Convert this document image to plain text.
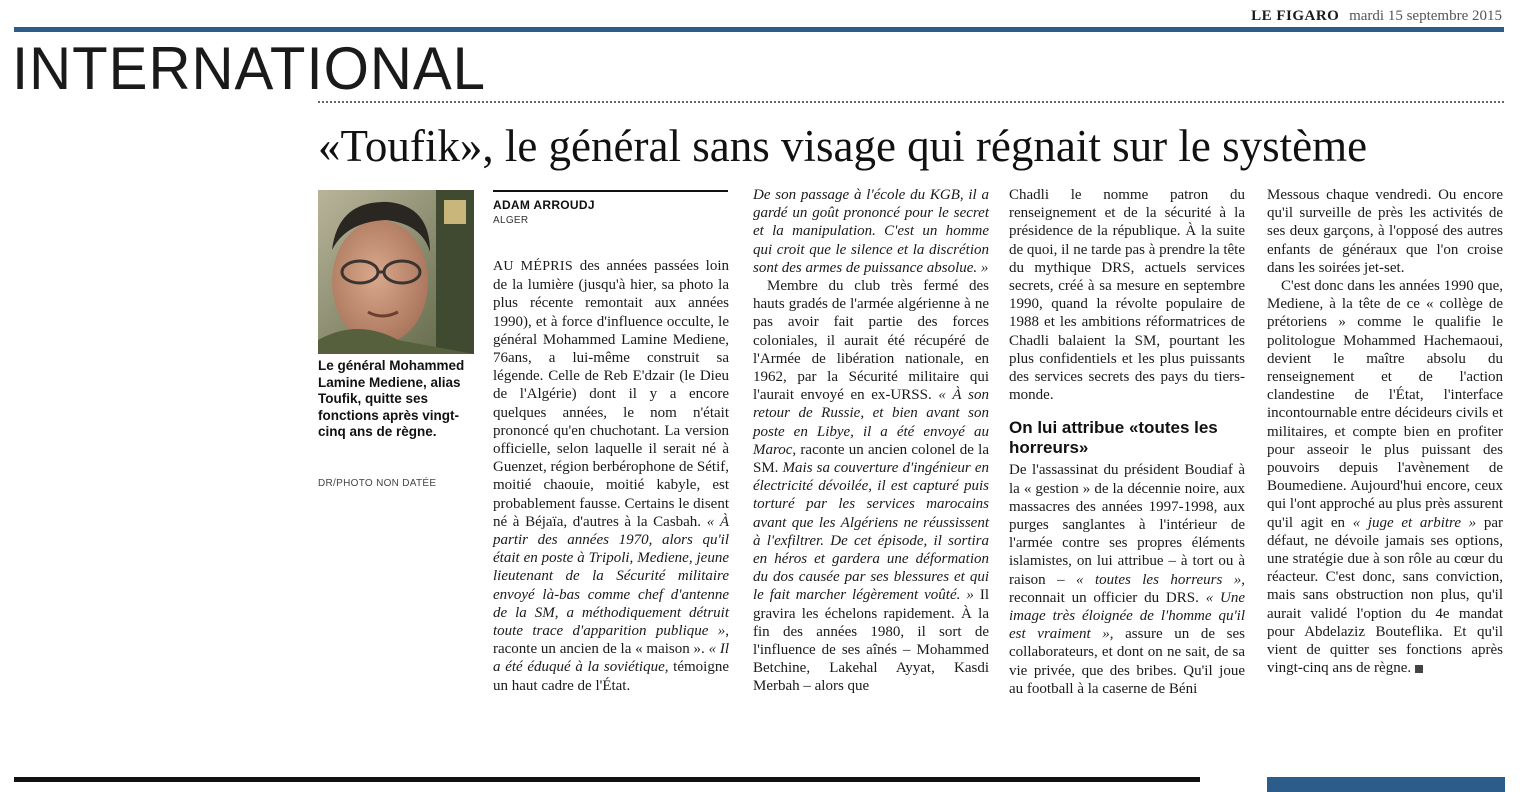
LE FIGARO mardi 15 septembre 2015
INTERNATIONAL
«Toufik», le général sans visage qui régnait sur le système
Le général Mohammed Lamine Mediene, alias Toufik, quitte ses fonctions après vingt-cinq ans de règne.
DR/PHOTO NON DATÉE
ADAM ARROUDJ
ALGER

AU MÉPRIS des années passées loin de la lumière (jusqu'à hier, sa photo la plus récente remontait aux années 1990), et à force d'influence occulte, le général Mohammed Lamine Mediene, 76ans, a lui-même construit sa légende. Celle de Reb E'dzair (le Dieu de l'Algérie) dont il y a encore quelques années, le nom n'était prononcé qu'en chuchotant. La version officielle, selon laquelle il serait né à Guenzet, région berbérophone de Sétif, moitié chaouie, moitié kabyle, est probablement fausse. Certains le disent né à Béjaïa, d'autres à la Casbah. « À partir des années 1970, alors qu'il était en poste à Tripoli, Mediene, jeune lieutenant de la Sécurité militaire envoyé là-bas comme chef d'antenne de la SM, a méthodiquement détruit toute trace d'apparition publique », raconte un ancien de la « maison ». « Il a été éduqué à la soviétique, témoigne un haut cadre de l'État.

De son passage à l'école du KGB, il a gardé un goût prononcé pour le secret et la manipulation. C'est un homme qui croit que le silence et la discrétion sont des armes de puissance absolue. »

Membre du club très fermé des hauts gradés de l'armée algérienne à ne pas avoir fait partie des forces coloniales, il aurait été récupéré de l'Armée de libération nationale, en 1962, par la Sécurité militaire qui l'aurait envoyé en ex-URSS. « À son retour de Russie, et bien avant son poste en Libye, il a été envoyé au Maroc, raconte un ancien colonel de la SM. Mais sa couverture d'ingénieur en électricité dévoilée, il est capturé puis torturé par les services marocains avant que les Algériens ne réussissent à l'exfiltrer. De cet épisode, il sortira en héros et gardera une déformation du dos causée par ses blessures et qui le fait marcher légèrement voûté. » Il gravira les échelons rapidement. À la fin des années 1980, il sort de l'influence de ses aînés – Mohammed Betchine, Lakehal Ayyat, Kasdi Merbah – alors que

Chadli le nomme patron du renseignement et de la sécurité à la présidence de la république. À la suite de quoi, il ne tarde pas à prendre la tête du mythique DRS, actuels services secrets, créé à sa mesure en septembre 1990, quand la révolte populaire de 1988 et les ambitions réformatrices de Chadli balaient la SM, pourtant les plus confidentiels et les plus puissants des services secrets des pays du tiers-monde.

On lui attribue «toutes les horreurs»

De l'assassinat du président Boudiaf à la « gestion » de la décennie noire, aux massacres des années 1997-1998, aux purges sanglantes à l'intérieur de l'armée contre ses propres éléments islamistes, on lui attribue – à tort ou à raison – « toutes les horreurs », reconnait un officier du DRS. « Une image très éloignée de l'homme qu'il est vraiment », assure un de ses collaborateurs, et dont on ne sait, de sa vie privée, que des bribes. Qu'il joue au football à la caserne de Béni

Messous chaque vendredi. Ou encore qu'il surveille de près les activités de ses deux garçons, à l'opposé des autres enfants de généraux que l'on croise dans les soirées jet-set.

C'est donc dans les années 1990 que, Mediene, à la tête de ce « collège de prétoriens » comme le qualifie le politologue Mohammed Hachemaoui, devient le maître absolu du renseignement et de l'action clandestine de l'État, l'interface incontournable entre décideurs civils et militaires, et compte bien en profiter pour asseoir le plus puissant des pouvoirs depuis l'avènement de Boumediene. Aujourd'hui encore, ceux qui l'ont approché au plus près assurent qu'il agit en « juge et arbitre » par défaut, ne dévoile jamais ses options, une stratégie due à son rôle au cœur du réacteur. C'est donc, sans conviction, mais sans obstruction non plus, qu'il aurait validé l'option du 4e mandat pour Abdelaziz Bouteflika. Et qu'il vient de quitter ses fonctions après vingt-cinq ans de règne.
